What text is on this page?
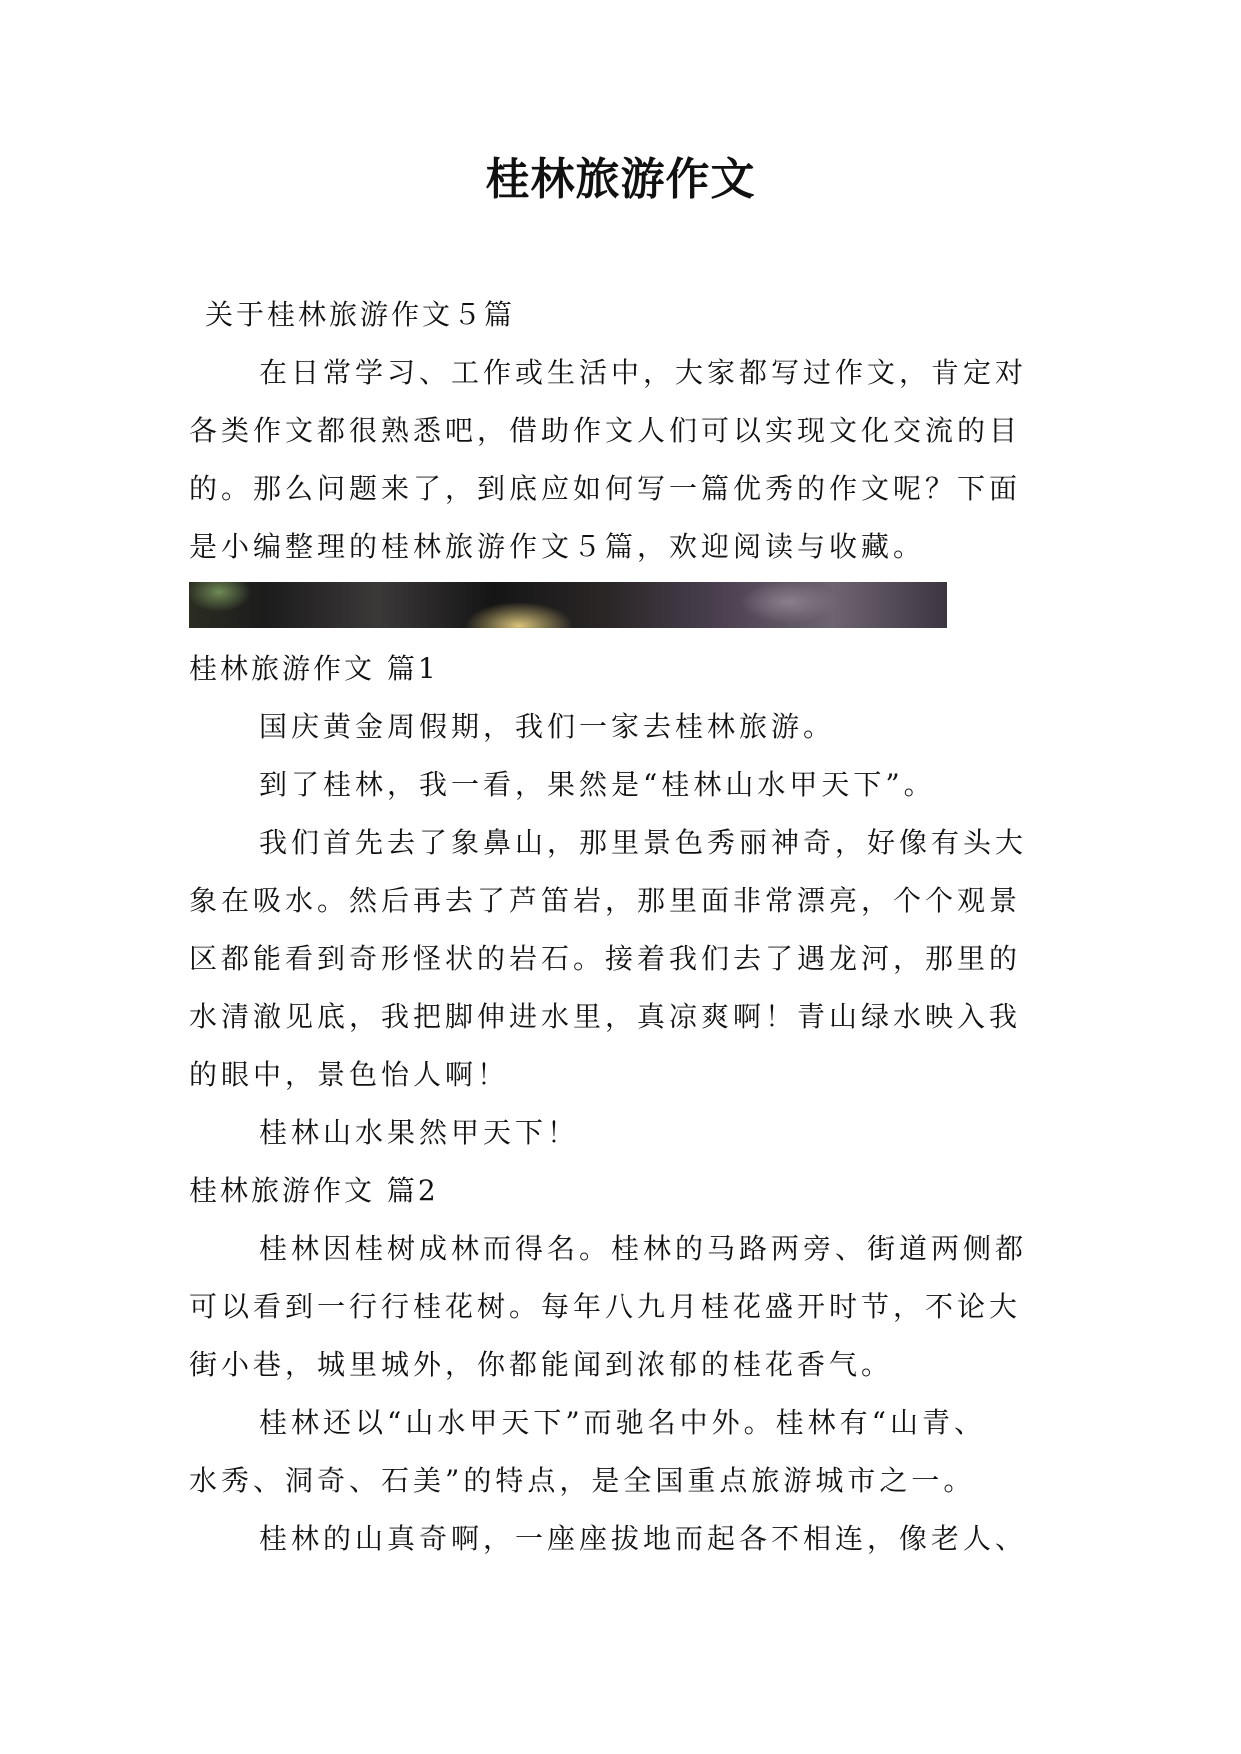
桂林旅游作文
关于桂林旅游作文５篇
在日常学习、工作或生活中，大家都写过作文，肯定对
各类作文都很熟悉吧，借助作文人们可以实现文化交流的目
的。那么问题来了，到底应如何写一篇优秀的作文呢？下面
是小编整理的桂林旅游作文５篇，欢迎阅读与收藏。
桂林旅游作文 篇1
国庆黄金周假期，我们一家去桂林旅游。
到了桂林，我一看，果然是“桂林山水甲天下”。
我们首先去了象鼻山，那里景色秀丽神奇，好像有头大
象在吸水。然后再去了芦笛岩，那里面非常漂亮，个个观景
区都能看到奇形怪状的岩石。接着我们去了遇龙河，那里的
水清澈见底，我把脚伸进水里，真凉爽啊！青山绿水映入我
的眼中，景色怡人啊！
桂林山水果然甲天下！
桂林旅游作文 篇2
桂林因桂树成林而得名。桂林的马路两旁、街道两侧都
可以看到一行行桂花树。每年八九月桂花盛开时节，不论大
街小巷，城里城外，你都能闻到浓郁的桂花香气。
桂林还以“山水甲天下”而驰名中外。桂林有“山青、
水秀、洞奇、石美”的特点，是全国重点旅游城市之一。
桂林的山真奇啊，一座座拔地而起各不相连，像老人、
